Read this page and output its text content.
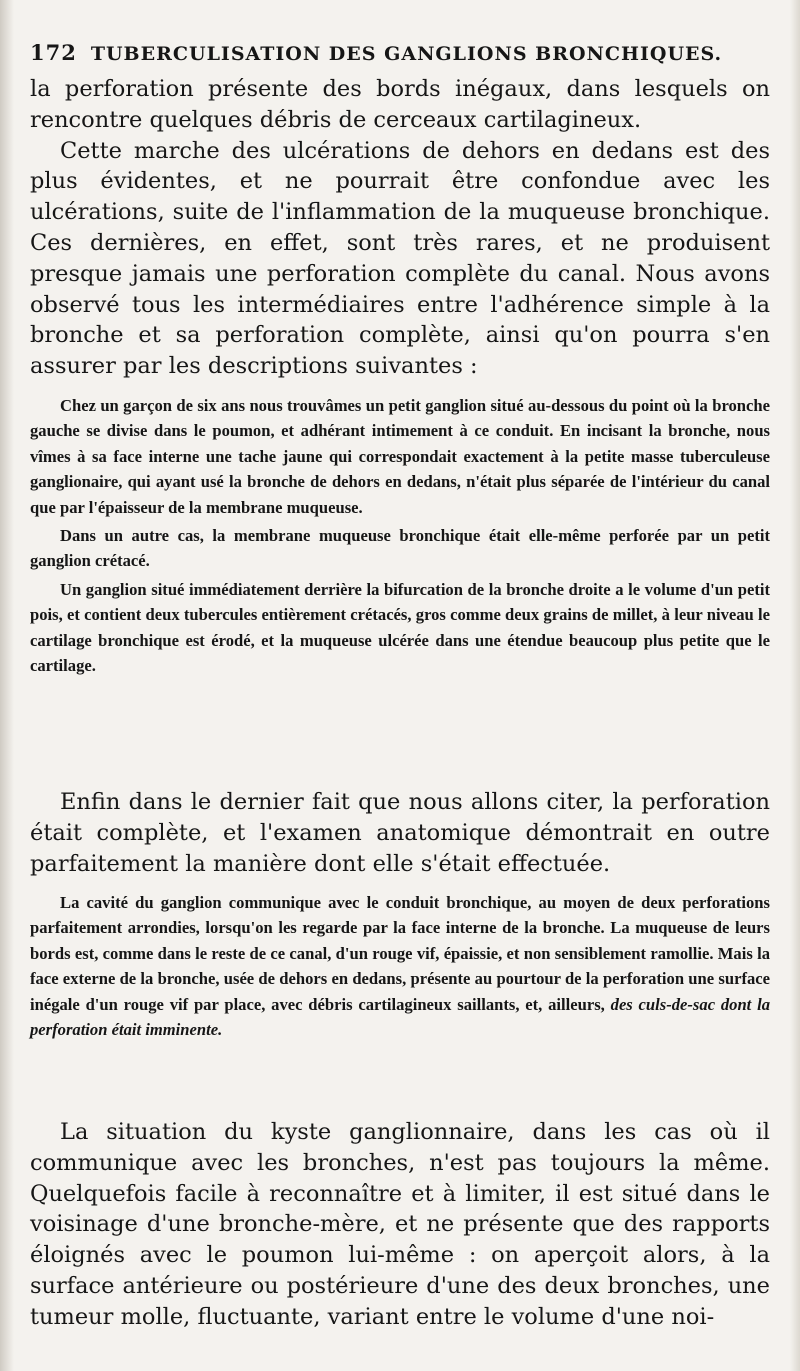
172 TUBERCULISATION DES GANGLIONS BRONCHIQUES.

la perforation présente des bords inégaux, dans lesquels on rencontre quelques débris de cerceaux cartilagineux.

Cette marche des ulcérations de dehors en dedans est des plus évidentes, et ne pourrait être confondue avec les ulcérations, suite de l'inflammation de la muqueuse bronchique. Ces dernières, en effet, sont très rares, et ne produisent presque jamais une perforation complète du canal. Nous avons observé tous les intermédiaires entre l'adhérence simple à la bronche et sa perforation complète, ainsi qu'on pourra s'en assurer par les descriptions suivantes :

Chez un garçon de six ans nous trouvâmes un petit ganglion situé au-dessous du point où la bronche gauche se divise dans le poumon, et adhérant intimement à ce conduit. En incisant la bronche, nous vîmes à sa face interne une tache jaune qui correspondait exactement à la petite masse tuberculeuse ganglionaire, qui ayant usé la bronche de dehors en dedans, n'était plus séparée de l'intérieur du canal que par l'épaisseur de la membrane muqueuse.

Dans un autre cas, la membrane muqueuse bronchique était elle-même perforée par un petit ganglion crétacé.

Un ganglion situé immédiatement derrière la bifurcation de la bronche droite a le volume d'un petit pois, et contient deux tubercules entièrement crétacés, gros comme deux grains de millet, à leur niveau le cartilage bronchique est érodé, et la muqueuse ulcérée dans une étendue beaucoup plus petite que le cartilage.

Enfin dans le dernier fait que nous allons citer, la perforation était complète, et l'examen anatomique démontrait en outre parfaitement la manière dont elle s'était effectuée.

La cavité du ganglion communique avec le conduit bronchique, au moyen de deux perforations parfaitement arrondies, lorsqu'on les regarde par la face interne de la bronche. La muqueuse de leurs bords est, comme dans le reste de ce canal, d'un rouge vif, épaissie, et non sensiblement ramollie. Mais la face externe de la bronche, usée de dehors en dedans, présente au pourtour de la perforation une surface inégale d'un rouge vif par place, avec débris cartilagineux saillants, et, ailleurs, des culs-de-sac dont la perforation était imminente.

La situation du kyste ganglionnaire, dans les cas où il communique avec les bronches, n'est pas toujours la même. Quelquefois facile à reconnaître et à limiter, il est situé dans le voisinage d'une bronche-mère, et ne présente que des rapports éloignés avec le poumon lui-même : on aperçoit alors, à la surface antérieure ou postérieure d'une des deux bronches, une tumeur molle, fluctuante, variant entre le volume d'une noi-
